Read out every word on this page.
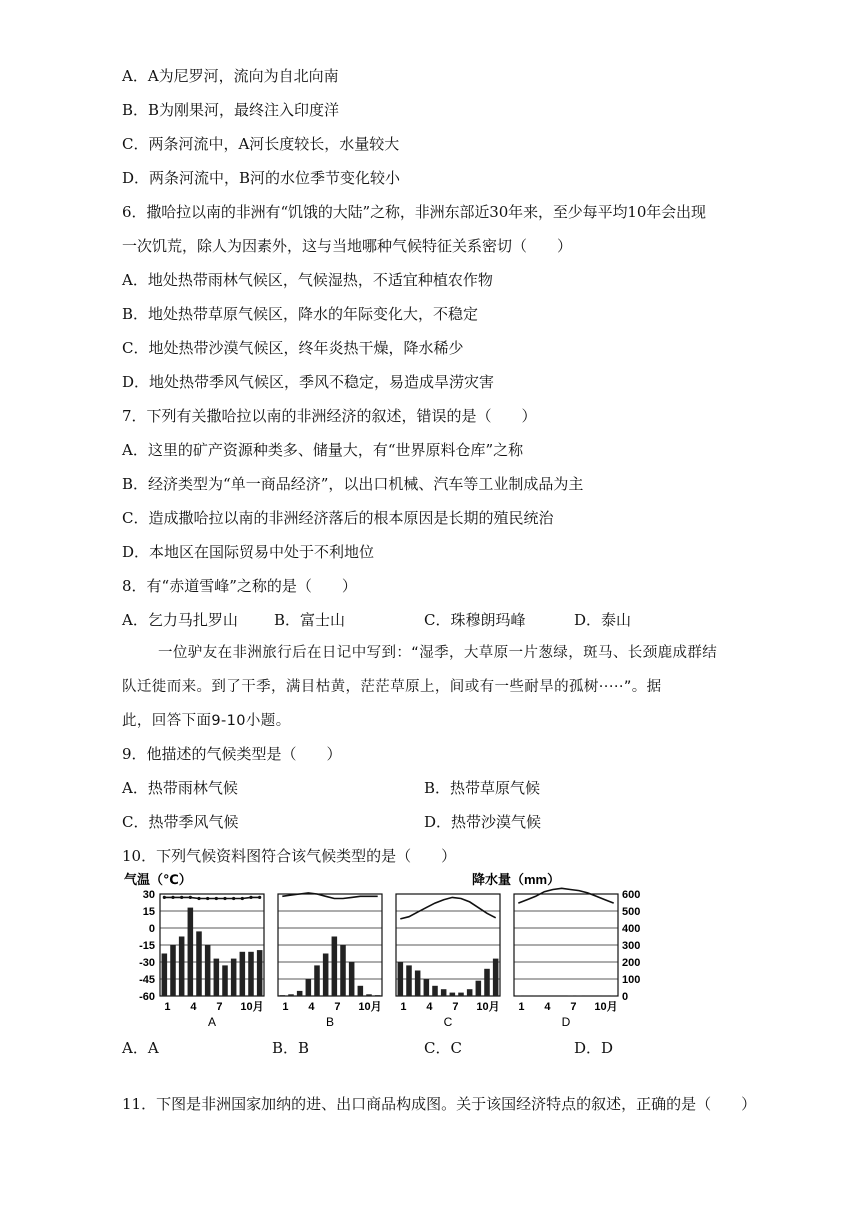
A．A为尼罗河，流向为自北向南
B．B为刚果河，最终注入印度洋
C．两条河流中，A河长度较长，水量较大
D．两条河流中，B河的水位季节变化较小
6．撒哈拉以南的非洲有“饥饿的大陆”之称，非洲东部近30年来，至少每平均10年会出现
一次饥荒，除人为因素外，这与当地哪种气候特征关系密切（　　）
A．地处热带雨林气候区，气候湿热，不适宜种植农作物
B．地处热带草原气候区，降水的年际变化大，不稳定
C．地处热带沙漠气候区，终年炎热干燥，降水稀少
D．地处热带季风气候区，季风不稳定，易造成旱涝灾害
7．下列有关撒哈拉以南的非洲经济的叙述，错误的是（　　）
A．这里的矿产资源种类多、储量大，有“世界原料仓库”之称
B．经济类型为“单一商品经济”，以出口机械、汽车等工业制成品为主
C．造成撒哈拉以南的非洲经济落后的根本原因是长期的殖民统治
D．本地区在国际贸易中处于不利地位
8．有“赤道雪峰”之称的是（　　）
A．乞力马扎罗山 B．富士山	C．珠穆朗玛峰	D．泰山
一位驴友在非洲旅行后在日记中写到：“湿季，大草原一片葱绿，斑马、长颈鹿成群结
队迁徙而来。到了干季，满目枯黄，茫茫草原上，间或有一些耐旱的孤树·····”。据
此，回答下面9-10小题。
9．他描述的气候类型是（　　）
A．热带雨林气候	B．热带草原气候
C．热带季风气候	D．热带沙漠气候
10．下列气候资料图符合该气候类型的是（　　）
气温（℃）	降水量（mm）
30
15
0
-15
-30
-45
-60
1 4 7 10月
A
1 4 7 10月
B
1 4 7 10月
C
1 4 7 10月
D
600
500
400
300
200
100
0
A．A	B．B	C．C	D．D
11．下图是非洲国家加纳的进、出口商品构成图。关于该国经济特点的叙述，正确的是（　　）
